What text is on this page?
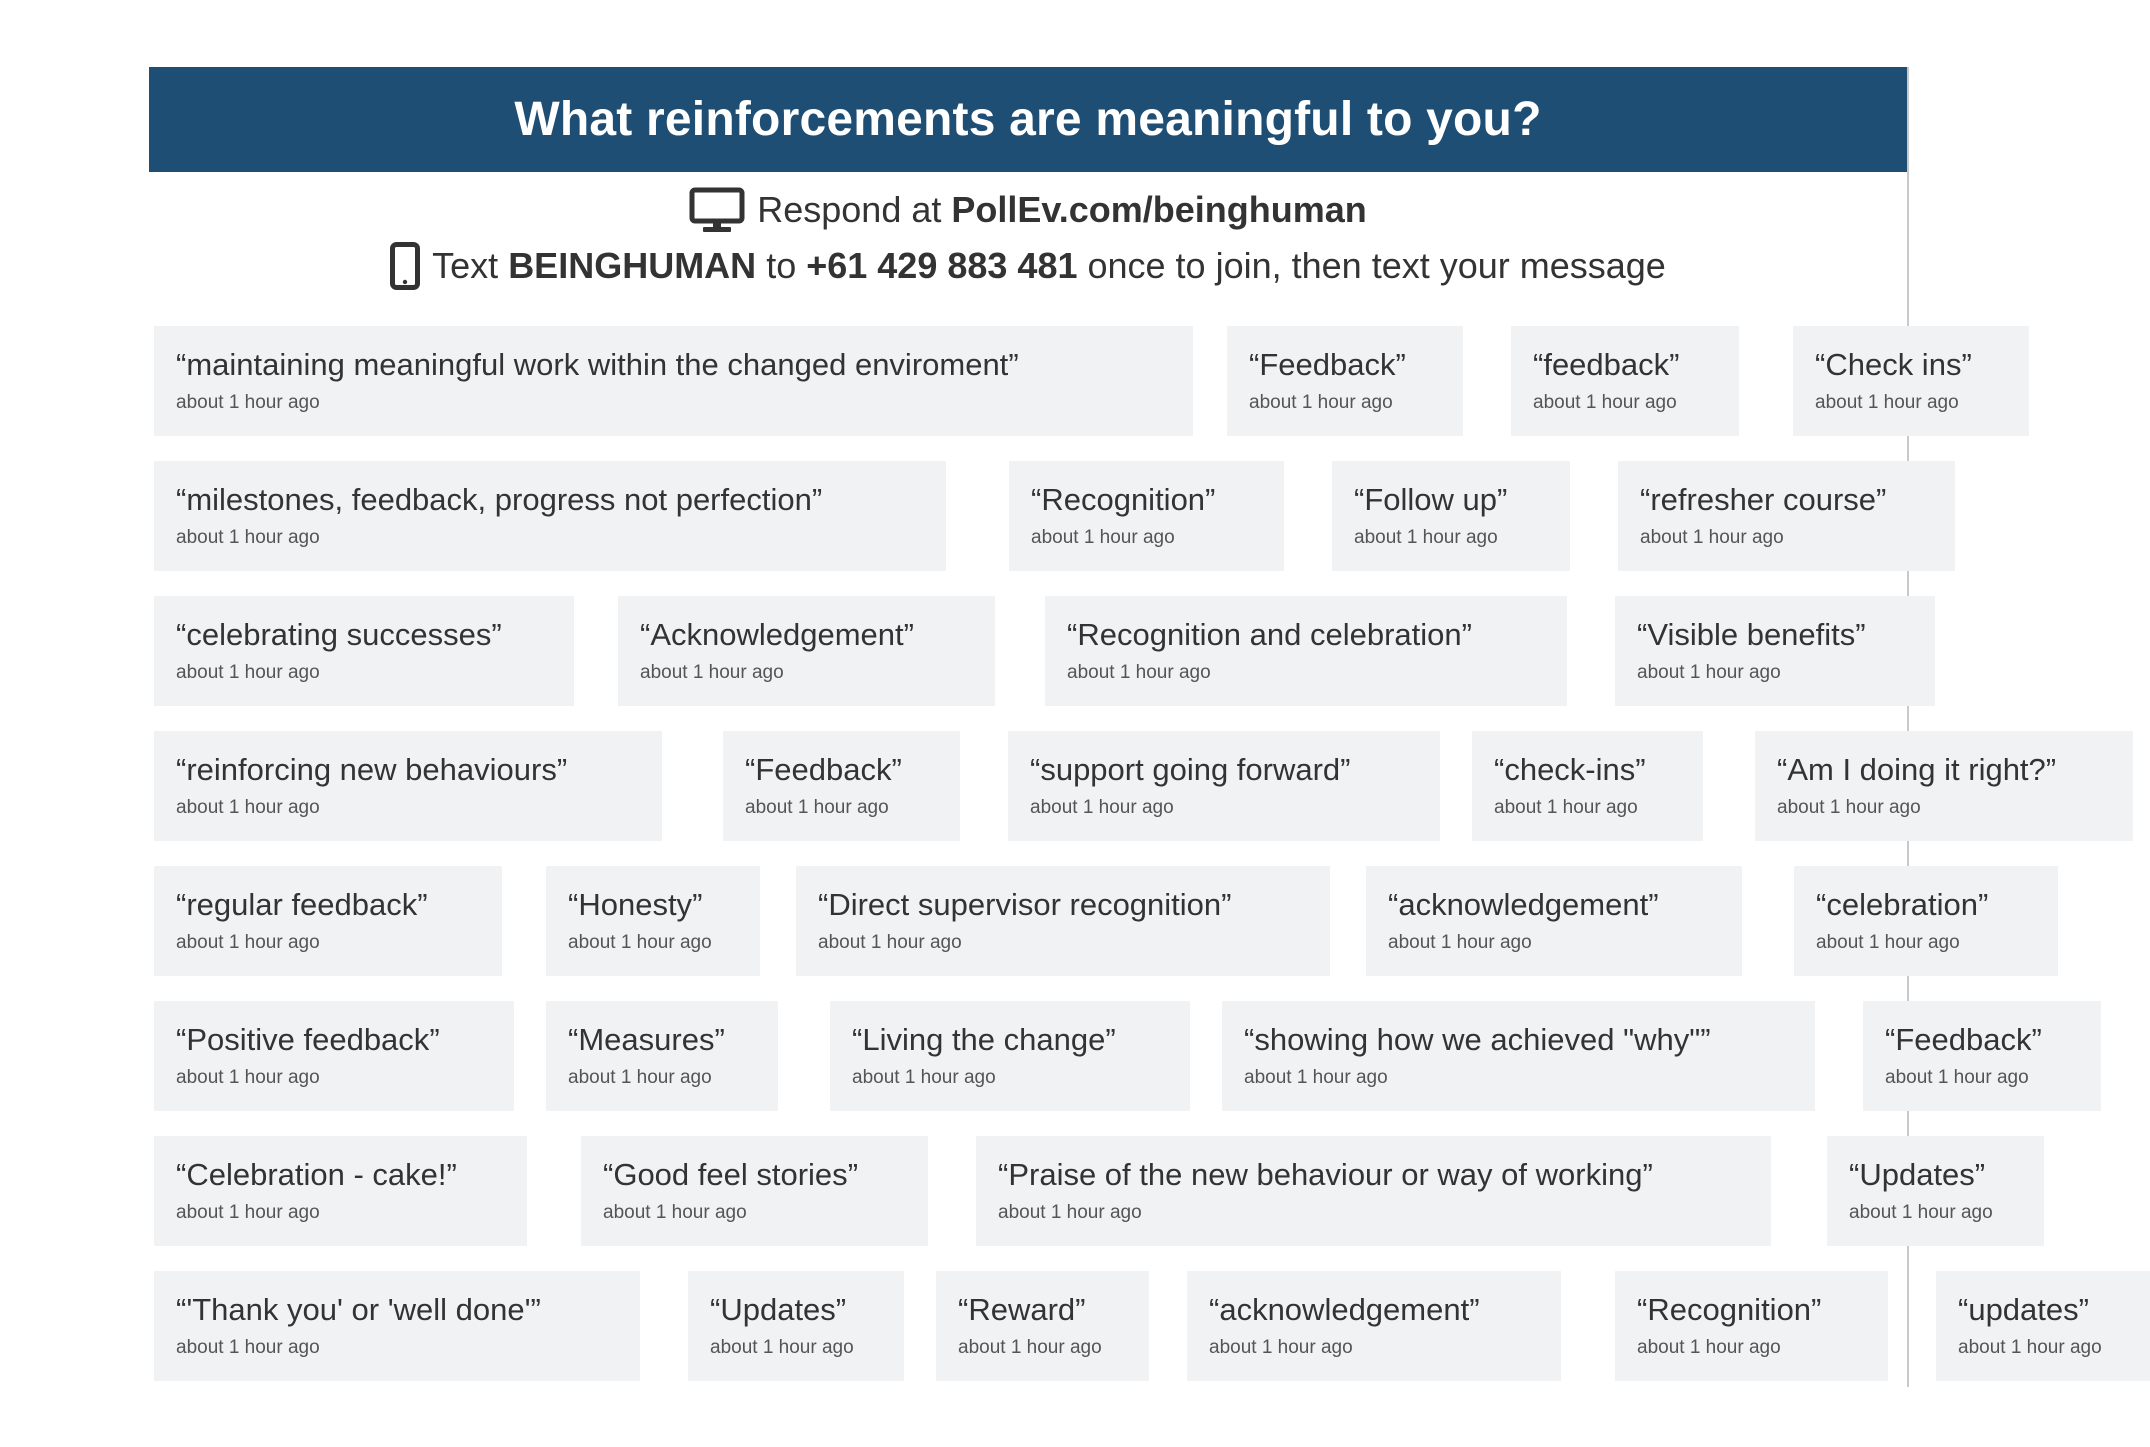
What reinforcements are meaningful to you?
Respond at PollEv.com/beinghuman
Text BEINGHUMAN to +61 429 883 481 once to join, then text your message
“maintaining meaningful work within the changed enviroment”
about 1 hour ago
“Feedback”
about 1 hour ago
“feedback”
about 1 hour ago
“Check ins”
about 1 hour ago
“milestones, feedback, progress not perfection”
about 1 hour ago
“Recognition”
about 1 hour ago
“Follow up”
about 1 hour ago
“refresher course”
about 1 hour ago
“celebrating successes”
about 1 hour ago
“Acknowledgement”
about 1 hour ago
“Recognition and celebration”
about 1 hour ago
“Visible benefits”
about 1 hour ago
“reinforcing new behaviours”
about 1 hour ago
“Feedback”
about 1 hour ago
“support going forward”
about 1 hour ago
“check-ins”
about 1 hour ago
“Am I doing it right?”
about 1 hour ago
“regular feedback”
about 1 hour ago
“Honesty”
about 1 hour ago
“Direct supervisor recognition”
about 1 hour ago
“acknowledgement”
about 1 hour ago
“celebration”
about 1 hour ago
“Positive feedback”
about 1 hour ago
“Measures”
about 1 hour ago
“Living the change”
about 1 hour ago
“showing how we achieved "why"”
about 1 hour ago
“Feedback”
about 1 hour ago
“Celebration - cake!”
about 1 hour ago
“Good feel stories”
about 1 hour ago
“Praise of the new behaviour or way of working”
about 1 hour ago
“Updates”
about 1 hour ago
“'Thank you' or 'well done'”
about 1 hour ago
“Updates”
about 1 hour ago
“Reward”
about 1 hour ago
“acknowledgement”
about 1 hour ago
“Recognition”
about 1 hour ago
“updates”
about 1 hour ago
